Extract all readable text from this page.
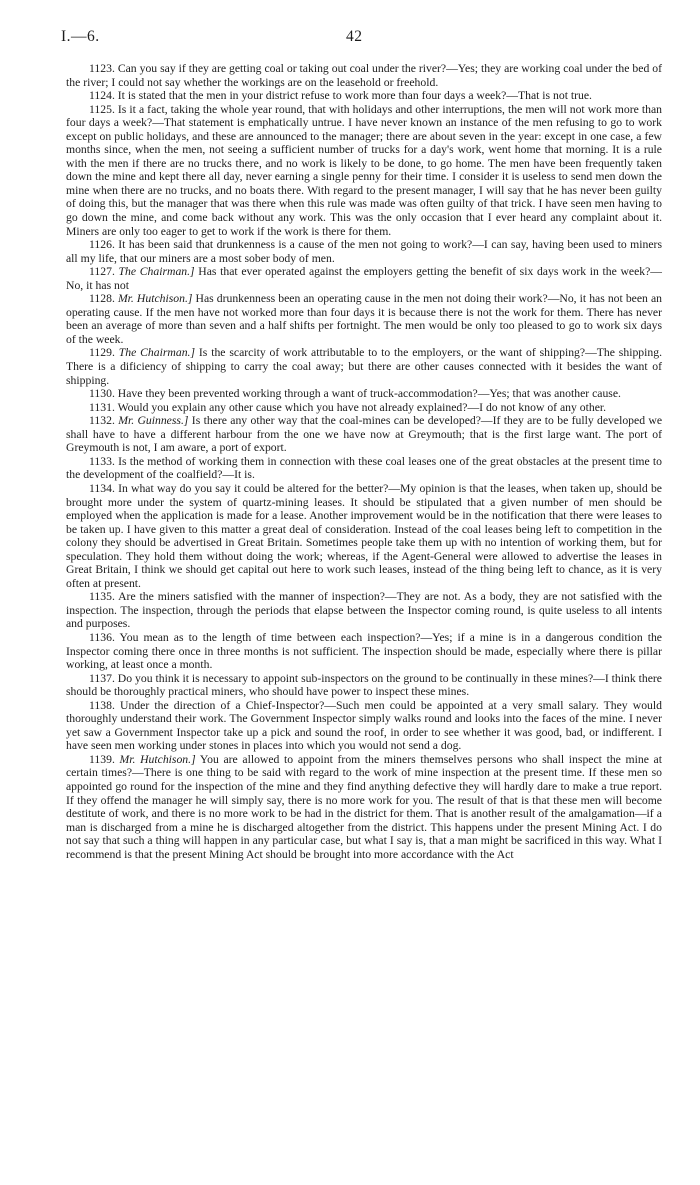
I.—6.	42

1123. Can you say if they are getting coal or taking out coal under the river?—Yes; they are working coal under the bed of the river; I could not say whether the workings are on the leasehold or freehold.

1124. It is stated that the men in your district refuse to work more than four days a week?—That is not true.

1125. Is it a fact, taking the whole year round, that with holidays and other interruptions, the men will not work more than four days a week?—That statement is emphatically untrue. I have never known an instance of the men refusing to go to work except on public holidays, and these are announced to the manager; there are about seven in the year: except in one case, a few months since, when the men, not seeing a sufficient number of trucks for a day's work, went home that morning. It is a rule with the men if there are no trucks there, and no work is likely to be done, to go home. The men have been frequently taken down the mine and kept there all day, never earning a single penny for their time. I consider it is useless to send men down the mine when there are no trucks, and no boats there. With regard to the present manager, I will say that he has never been guilty of doing this, but the manager that was there when this rule was made was often guilty of that trick. I have seen men having to go down the mine, and come back without any work. This was the only occasion that I ever heard any complaint about it. Miners are only too eager to get to work if the work is there for them.

1126. It has been said that drunkenness is a cause of the men not going to work?—I can say, having been used to miners all my life, that our miners are a most sober body of men.

1127. The Chairman.] Has that ever operated against the employers getting the benefit of six days work in the week?—No, it has not

1128. Mr. Hutchison.] Has drunkenness been an operating cause in the men not doing their work?—No, it has not been an operating cause. If the men have not worked more than four days it is because there is not the work for them. There has never been an average of more than seven and a half shifts per fortnight. The men would be only too pleased to go to work six days of the week.

1129. The Chairman.] Is the scarcity of work attributable to to the employers, or the want of shipping?—The shipping. There is a dificiency of shipping to carry the coal away; but there are other causes connected with it besides the want of shipping.

1130. Have they been prevented working through a want of truck-accommodation?—Yes; that was another cause.

1131. Would you explain any other cause which you have not already explained?—I do not know of any other.

1132. Mr. Guinness.] Is there any other way that the coal-mines can be developed?—If they are to be fully developed we shall have to have a different harbour from the one we have now at Greymouth; that is the first large want. The port of Greymouth is not, I am aware, a port of export.

1133. Is the method of working them in connection with these coal leases one of the great obstacles at the present time to the development of the coalfield?—It is.

1134. In what way do you say it could be altered for the better?—My opinion is that the leases, when taken up, should be brought more under the system of quartz-mining leases. It should be stipulated that a given number of men should be employed when the application is made for a lease. Another improvement would be in the notification that there were leases to be taken up. I have given to this matter a great deal of consideration. Instead of the coal leases being left to competition in the colony they should be advertised in Great Britain. Sometimes people take them up with no intention of working them, but for speculation. They hold them without doing the work; whereas, if the Agent-General were allowed to advertise the leases in Great Britain, I think we should get capital out here to work such leases, instead of the thing being left to chance, as it is very often at present.

1135. Are the miners satisfied with the manner of inspection?—They are not. As a body, they are not satisfied with the inspection. The inspection, through the periods that elapse between the Inspector coming round, is quite useless to all intents and purposes.

1136. You mean as to the length of time between each inspection?—Yes; if a mine is in a dangerous condition the Inspector coming there once in three months is not sufficient. The inspection should be made, especially where there is pillar working, at least once a month.

1137. Do you think it is necessary to appoint sub-inspectors on the ground to be continually in these mines?—I think there should be thoroughly practical miners, who should have power to inspect these mines.

1138. Under the direction of a Chief-Inspector?—Such men could be appointed at a very small salary. They would thoroughly understand their work. The Government Inspector simply walks round and looks into the faces of the mine. I never yet saw a Government Inspector take up a pick and sound the roof, in order to see whether it was good, bad, or indifferent. I have seen men working under stones in places into which you would not send a dog.

1139. Mr. Hutchison.] You are allowed to appoint from the miners themselves persons who shall inspect the mine at certain times?—There is one thing to be said with regard to the work of mine inspection at the present time. If these men so appointed go round for the inspection of the mine and they find anything defective they will hardly dare to make a true report. If they offend the manager he will simply say, there is no more work for you. The result of that is that these men will become destitute of work, and there is no more work to be had in the district for them. That is another result of the amalgamation—if a man is discharged from a mine he is discharged altogether from the district. This happens under the present Mining Act. I do not say that such a thing will happen in any particular case, but what I say is, that a man might be sacrificed in this way. What I recommend is that the present Mining Act should be brought into more accordance with the Act
